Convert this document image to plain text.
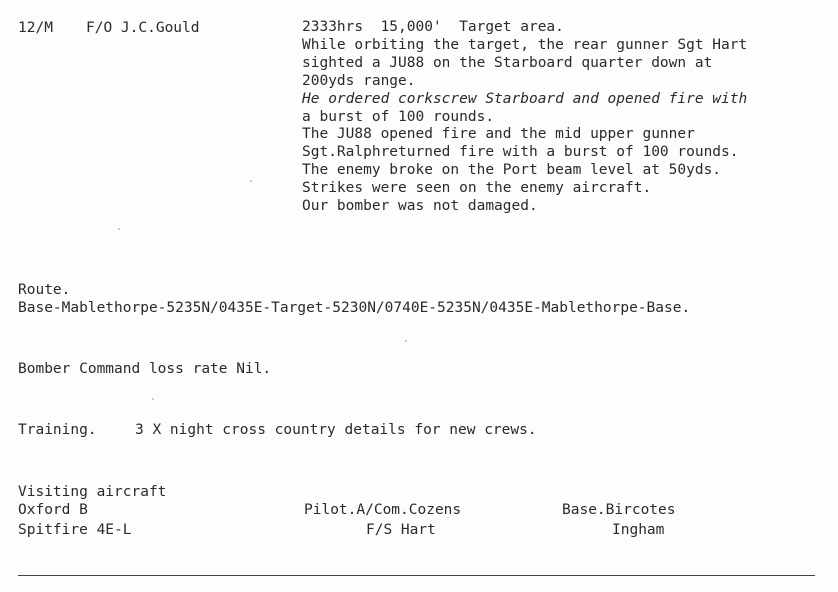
12/M F/O J.C.Gould	2333hrs  15,000'  Target area.
While orbiting the target, the rear gunner Sgt Hart
sighted a JU88 on the Starboard quarter down at
200yds range.
He ordered corkscrew Starboard and opened fire with
a burst of 100 rounds.
The JU88 opened fire and the mid upper gunner
Sgt.Ralphreturned fire with a burst of 100 rounds.
The enemy broke on the Port beam level at 50yds.
Strikes were seen on the enemy aircraft.
Our bomber was not damaged.
Route.
Base-Mablethorpe-5235N/0435E-Target-5230N/0740E-5235N/0435E-Mablethorpe-Base.
Bomber Command loss rate Nil.
Training.	3 X night cross country details for new crews.
Visiting aircraft
Oxford B	Pilot.A/Com.Cozens	Base.Bircotes
Spitfire 4E-L	F/S Hart	Ingham
